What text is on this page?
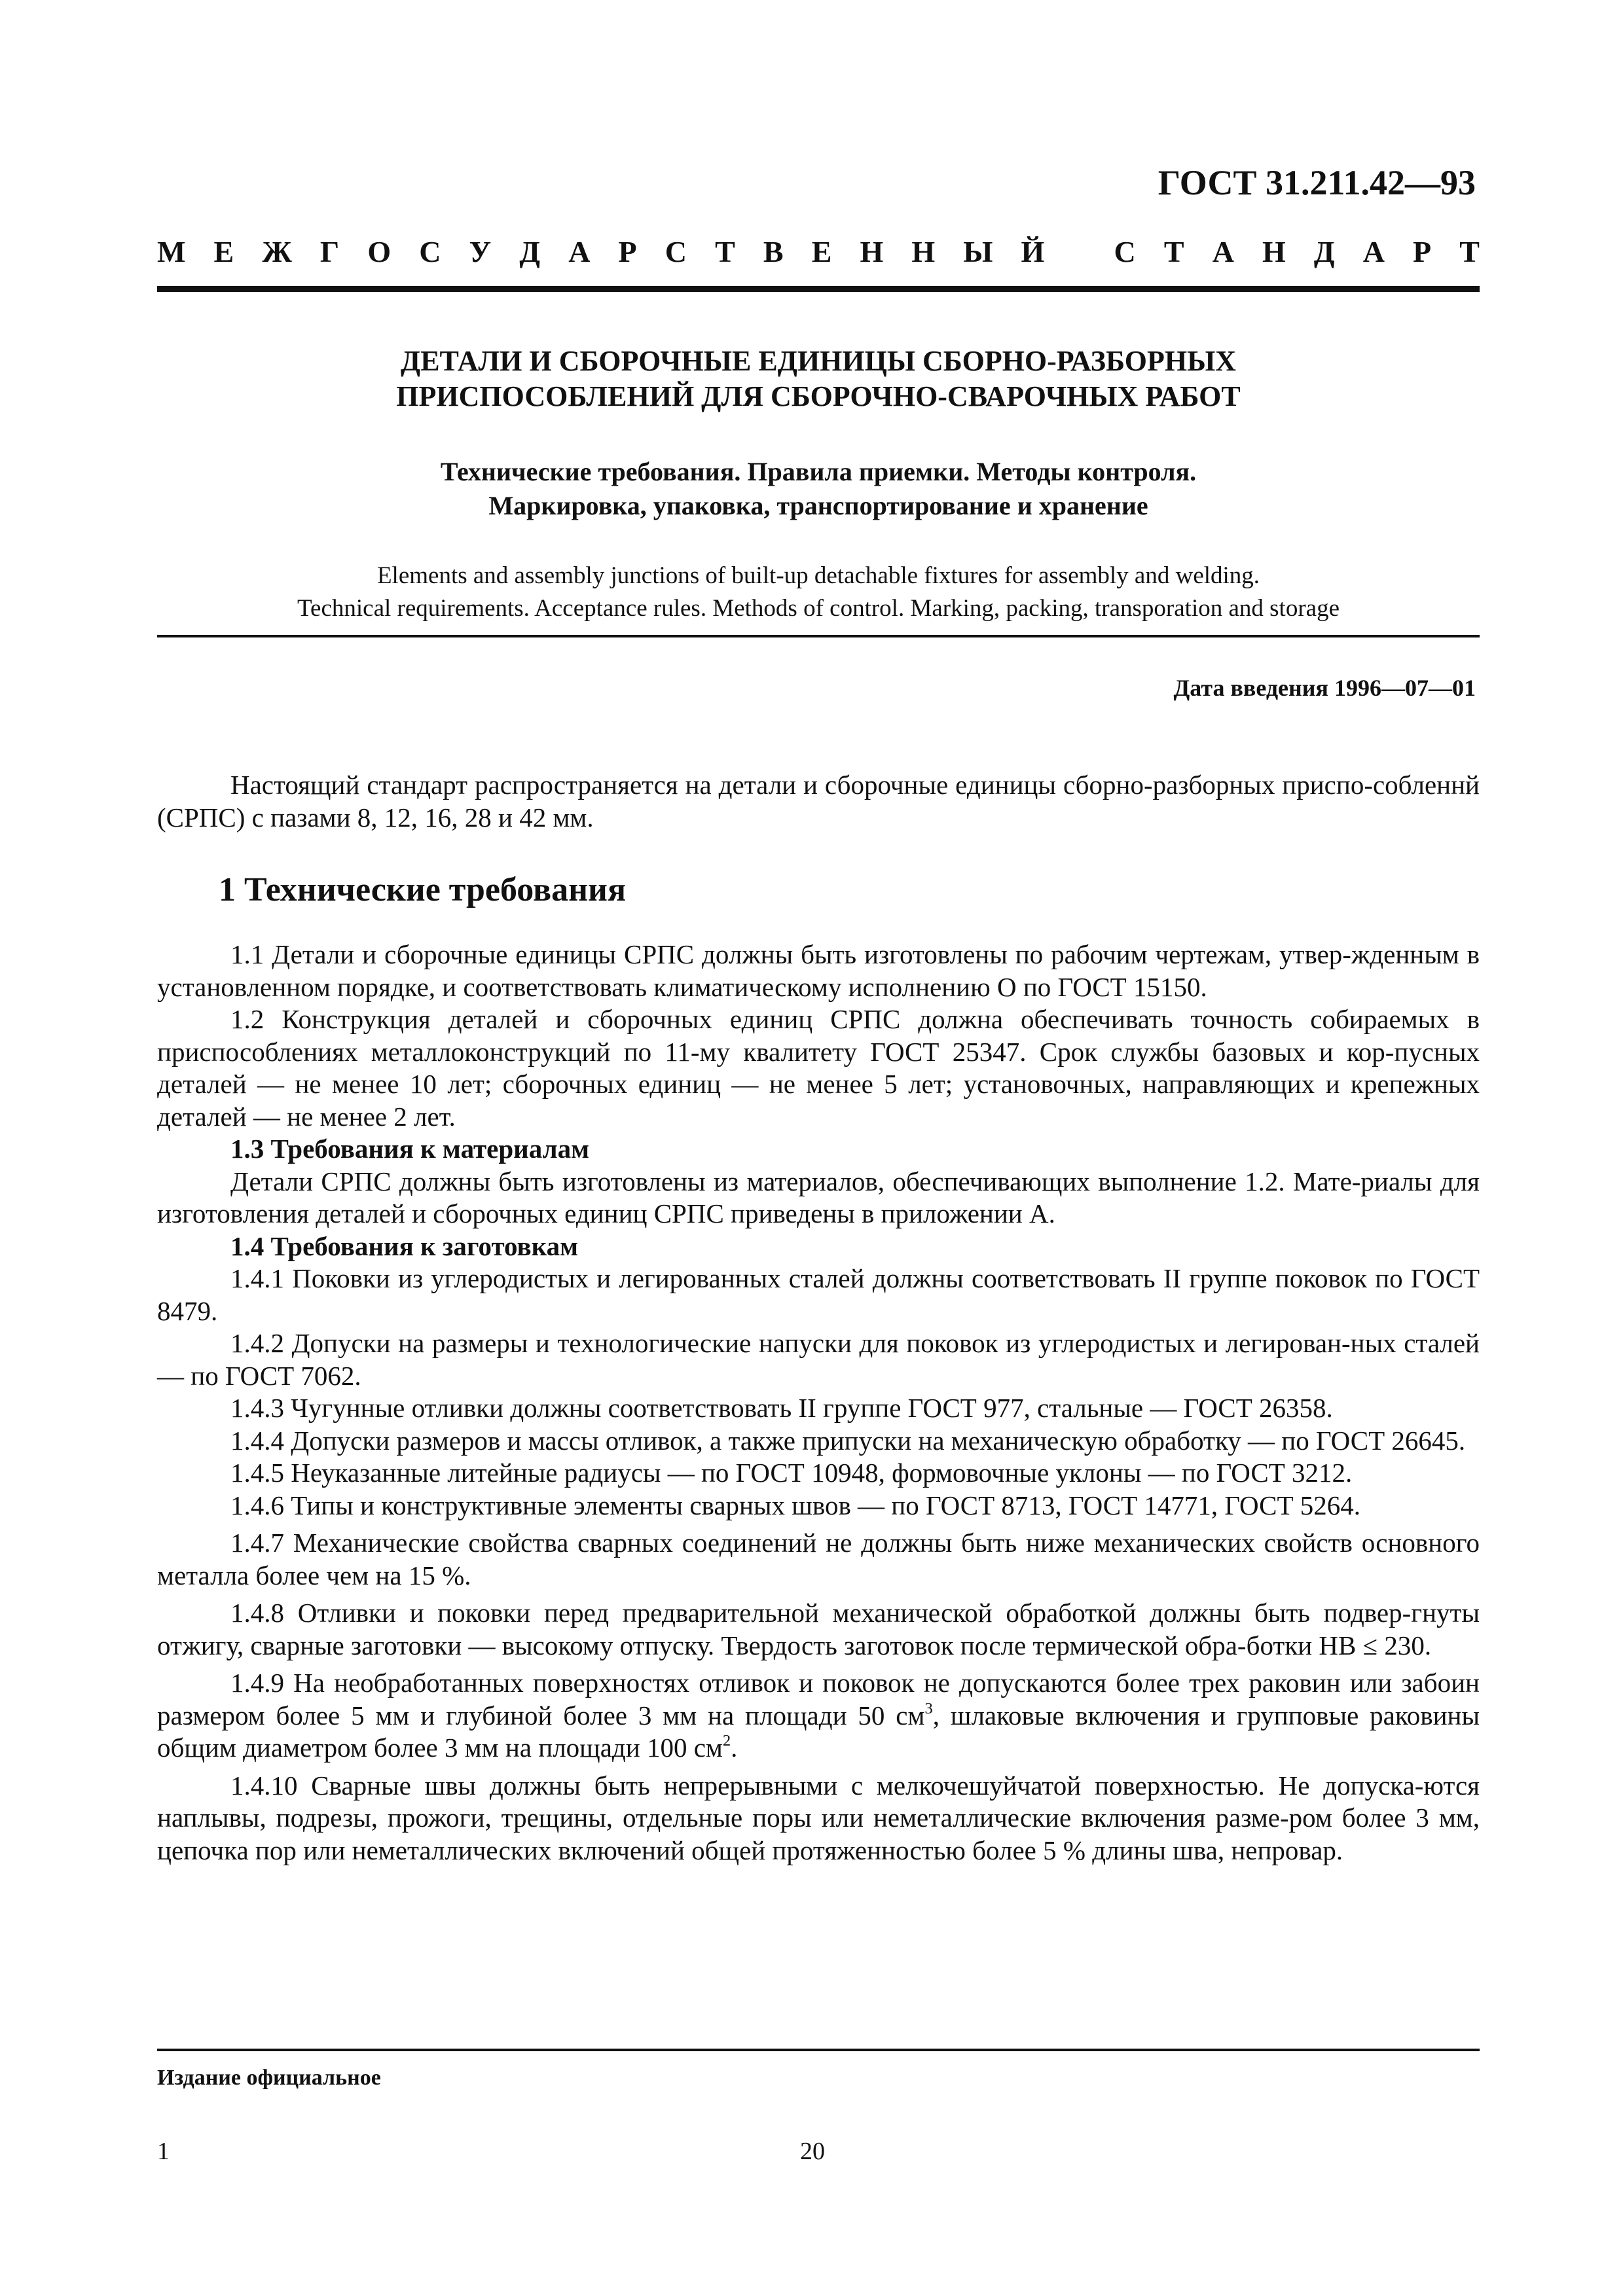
ГОСТ 31.211.42—93
М Е Ж Г О С У Д А Р С Т В Е Н Н Ы Й С Т А Н Д А Р Т

ДЕТАЛИ И СБОРОЧНЫЕ ЕДИНИЦЫ СБОРНО-РАЗБОРНЫХ
ПРИСПОСОБЛЕНИЙ ДЛЯ СБОРОЧНО-СВАРОЧНЫХ РАБОТ

Технические требования. Правила приемки. Методы контроля.
Маркировка, упаковка, транспортирование и хранение

Elements and assembly junctions of built-up detachable fixtures for assembly and welding.
Technical requirements. Acceptance rules. Methods of control. Marking, packing, transporation and storage

Дата введения 1996—07—01

Настоящий стандарт распространяется на детали и сборочные единицы сборно-разборных приспо-собленнй (СРПС) с пазами 8, 12, 16, 28 и 42 мм.

1 Технические требования

1.1 Детали и сборочные единицы СРПС должны быть изготовлены по рабочим чертежам, утвер-жденным в установленном порядке, и соответствовать климатическому исполнению О по ГОСТ 15150.

1.2 Конструкция деталей и сборочных единиц СРПС должна обеспечивать точность собираемых в приспособлениях металлоконструкций по 11-му квалитету ГОСТ 25347. Срок службы базовых и кор-пусных деталей — не менее 10 лет; сборочных единиц — не менее 5 лет; установочных, направляющих и крепежных деталей — не менее 2 лет.

1.3 Требования к материалам

Детали СРПС должны быть изготовлены из материалов, обеспечивающих выполнение 1.2. Мате-риалы для изготовления деталей и сборочных единиц СРПС приведены в приложении А.

1.4 Требования к заготовкам

1.4.1 Поковки из углеродистых и легированных сталей должны соответствовать II группе поковок по ГОСТ 8479.

1.4.2 Допуски на размеры и технологические напуски для поковок из углеродистых и легирован-ных сталей — по ГОСТ 7062.

1.4.3 Чугунные отливки должны соответствовать II группе ГОСТ 977, стальные — ГОСТ 26358.

1.4.4 Допуски размеров и массы отливок, а также припуски на механическую обработку — по ГОСТ 26645.

1.4.5 Неуказанные литейные радиусы — по ГОСТ 10948, формовочные уклоны — по ГОСТ 3212.

1.4.6 Типы и конструктивные элементы сварных швов — по ГОСТ 8713, ГОСТ 14771, ГОСТ 5264.

1.4.7 Механические свойства сварных соединений не должны быть ниже механических свойств основного металла более чем на 15 %.

1.4.8 Отливки и поковки перед предварительной механической обработкой должны быть подвер-гнуты отжигу, сварные заготовки — высокому отпуску. Твердость заготовок после термической обра-ботки НВ ≤ 230.

1.4.9 На необработанных поверхностях отливок и поковок не допускаются более трех раковин или забоин размером более 5 мм и глубиной более 3 мм на площади 50 $см^3$, шлаковые включения и групповые раковины общим диаметром более 3 мм на площади 100 $см^2$.

1.4.10 Сварные швы должны быть непрерывными с мелкочешуйчатой поверхностью. Не допуска-ются наплывы, подрезы, прожоги, трещины, отдельные поры или неметаллические включения разме-ром более 3 мм, цепочка пор или неметаллических включений общей протяженностью более 5 % длины шва, непровар.

Издание официальное
1	20
